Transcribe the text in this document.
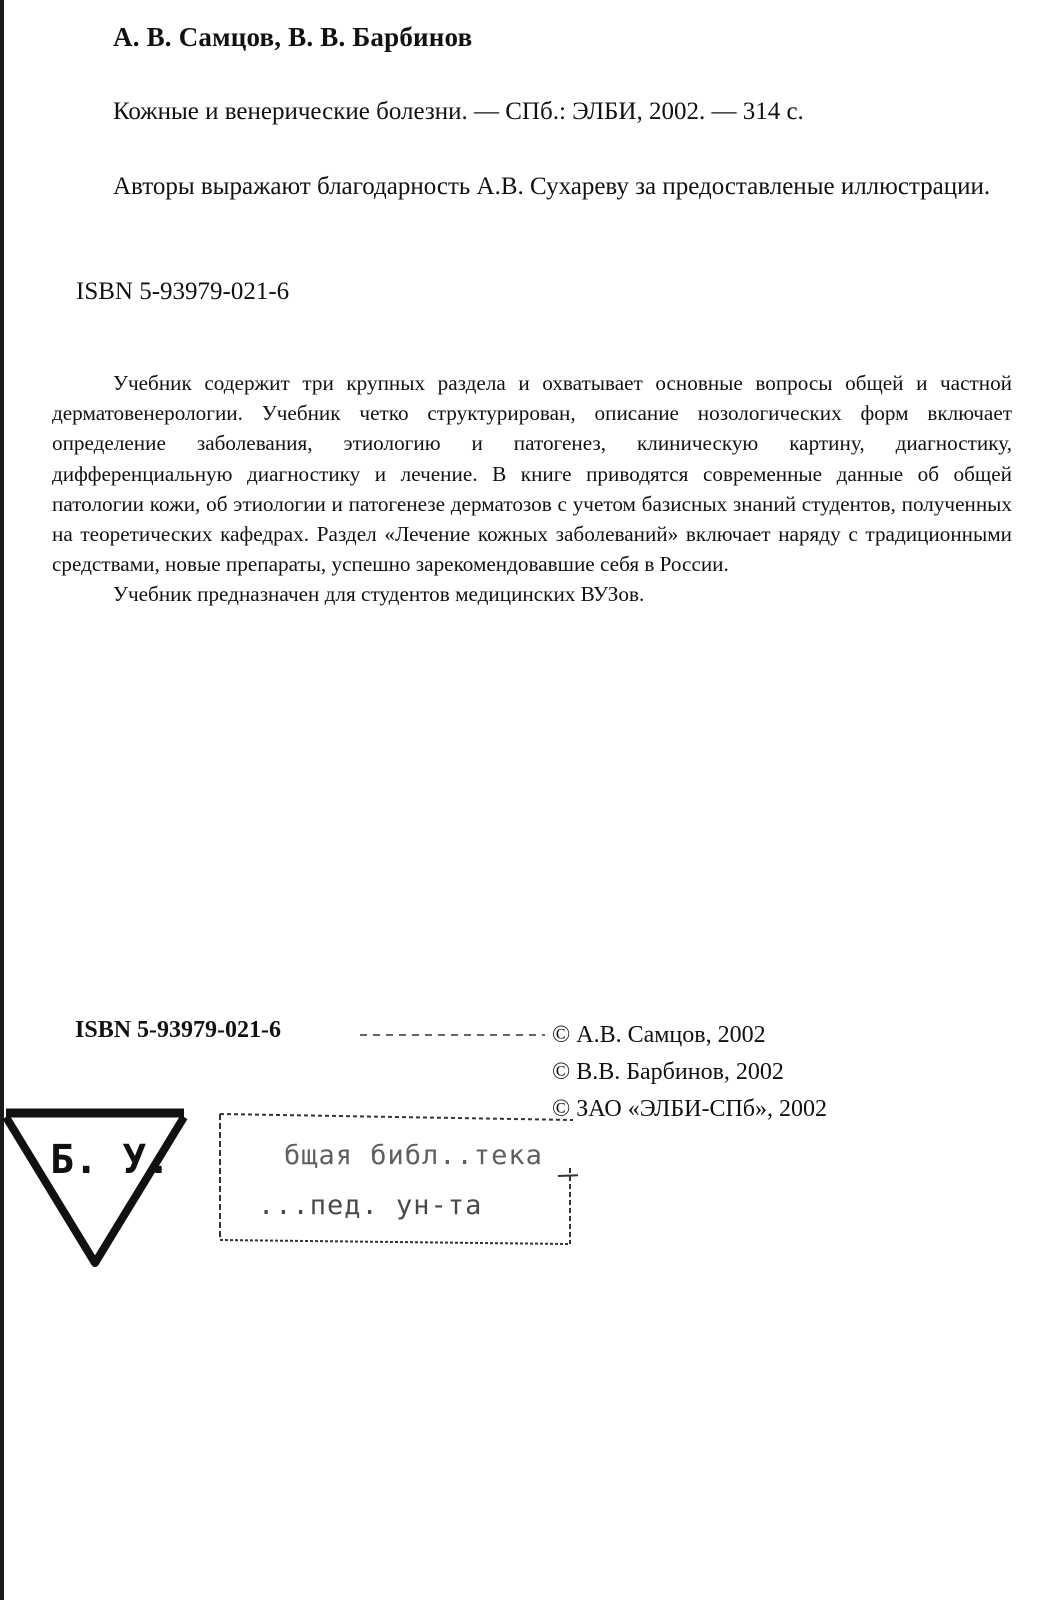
А. В. Самцов, В. В. Барбинов
Кожные и венерические болезни. — СПб.: ЭЛБИ, 2002. — 314 с.
Авторы выражают благодарность А.В. Сухареву за предоставленые иллюстрации.
ISBN 5-93979-021-6

Учебник содержит три крупных раздела и охватывает основные вопросы общей и частной дерматовенерологии. Учебник четко структурирован, описание нозологических форм включает определение заболевания, этиологию и патогенез, клиническую картину, диагностику, дифференциальную диагностику и лечение. В книге приводятся современные данные об общей патологии кожи, об этиологии и патогенезе дерматозов с учетом базисных знаний студентов, полученных на теоретических кафедрах. Раздел «Лечение кожных заболеваний» включает наряду с традиционными средствами, новые препараты, успешно зарекомендовавшие себя в России.

Учебник предназначен для студентов медицинских ВУЗов.

ISBN 5-93979-021-6	© А.В. Самцов, 2002
© В.В. Барбинов, 2002
© ЗАО «ЭЛБИ-СПб», 2002
Б. У.	бщая библ..тека
...пед. ун-та
